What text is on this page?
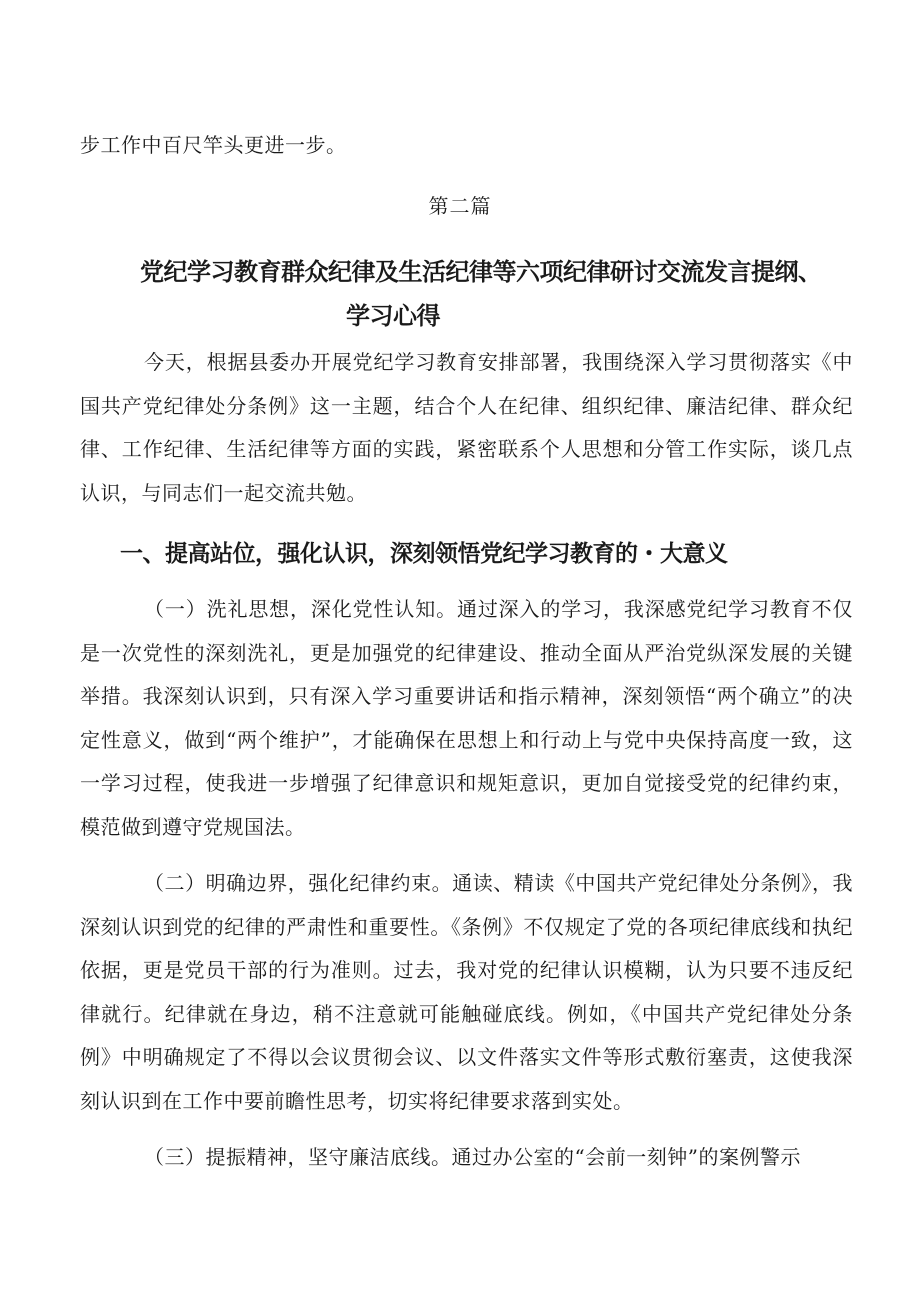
步工作中百尺竿头更进一步。

第二篇

党纪学习教育群众纪律及生活纪律等六项纪律研讨交流发言提纲、
学习心得

今天，根据县委办开展党纪学习教育安排部署，我围绕深入学习贯彻落实《中国共产党纪律处分条例》这一主题，结合个人在纪律、组织纪律、廉洁纪律、群众纪律、工作纪律、生活纪律等方面的实践，紧密联系个人思想和分管工作实际，谈几点认识，与同志们一起交流共勉。

一、提高站位，强化认识，深刻领悟党纪学习教育的・大意义

（一）洗礼思想，深化党性认知。通过深入的学习，我深感党纪学习教育不仅是一次党性的深刻洗礼，更是加强党的纪律建设、推动全面从严治党纵深发展的关键举措。我深刻认识到，只有深入学习重要讲话和指示精神，深刻领悟“两个确立”的决定性意义，做到“两个维护”，才能确保在思想上和行动上与党中央保持高度一致，这一学习过程，使我进一步增强了纪律意识和规矩意识，更加自觉接受党的纪律约束，模范做到遵守党规国法。

（二）明确边界，强化纪律约束。通读、精读《中国共产党纪律处分条例》，我深刻认识到党的纪律的严肃性和重要性。《条例》不仅规定了党的各项纪律底线和执纪依据，更是党员干部的行为准则。过去，我对党的纪律认识模糊，认为只要不违反纪律就行。纪律就在身边，稍不注意就可能触碰底线。例如，《中国共产党纪律处分条例》中明确规定了不得以会议贯彻会议、以文件落实文件等形式敷衍塞责，这使我深刻认识到在工作中要前瞻性思考，切实将纪律要求落到实处。

（三）提振精神，坚守廉洁底线。通过办公室的“会前一刻钟”的案例警示
